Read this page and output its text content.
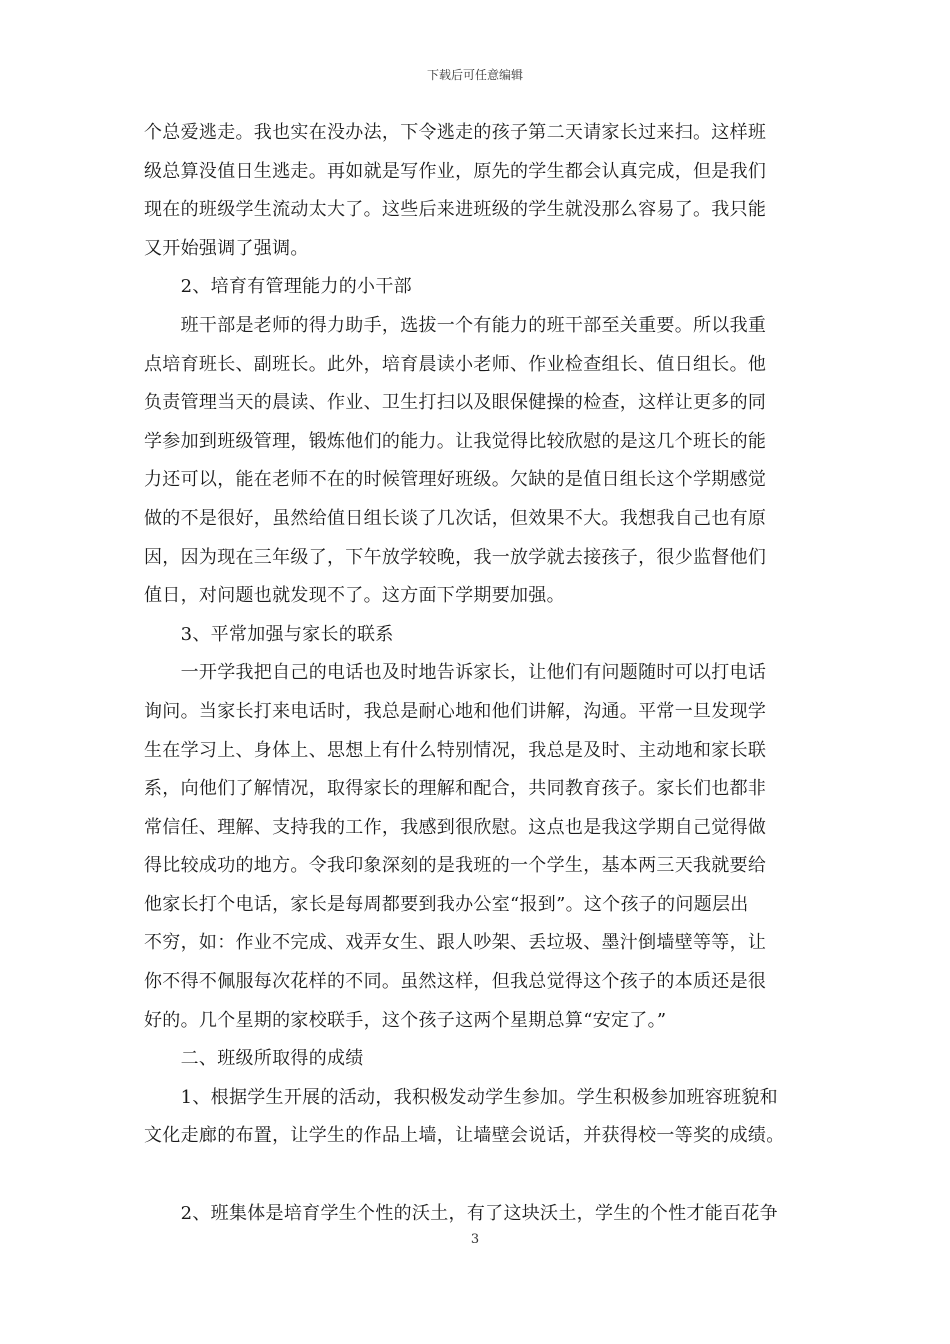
下载后可任意编辑
个总爱逃走。我也实在没办法，下令逃走的孩子第二天请家长过来扫。这样班
级总算没值日生逃走。再如就是写作业，原先的学生都会认真完成，但是我们
现在的班级学生流动太大了。这些后来进班级的学生就没那么容易了。我只能
又开始强调了强调。
　　2、培育有管理能力的小干部
　　班干部是老师的得力助手，选拔一个有能力的班干部至关重要。所以我重
点培育班长、副班长。此外，培育晨读小老师、作业检查组长、值日组长。他
负责管理当天的晨读、作业、卫生打扫以及眼保健操的检查，这样让更多的同
学参加到班级管理，锻炼他们的能力。让我觉得比较欣慰的是这几个班长的能
力还可以，能在老师不在的时候管理好班级。欠缺的是值日组长这个学期感觉
做的不是很好，虽然给值日组长谈了几次话，但效果不大。我想我自己也有原
因，因为现在三年级了，下午放学较晚，我一放学就去接孩子，很少监督他们
值日，对问题也就发现不了。这方面下学期要加强。
　　3、平常加强与家长的联系
　　一开学我把自己的电话也及时地告诉家长，让他们有问题随时可以打电话
询问。当家长打来电话时，我总是耐心地和他们讲解，沟通。平常一旦发现学
生在学习上、身体上、思想上有什么特别情况，我总是及时、主动地和家长联
系，向他们了解情况，取得家长的理解和配合，共同教育孩子。家长们也都非
常信任、理解、支持我的工作，我感到很欣慰。这点也是我这学期自己觉得做
得比较成功的地方。令我印象深刻的是我班的一个学生，基本两三天我就要给
他家长打个电话，家长是每周都要到我办公室“报到”。这个孩子的问题层出
不穷，如：作业不完成、戏弄女生、跟人吵架、丢垃圾、墨汁倒墙壁等等，让
你不得不佩服每次花样的不同。虽然这样，但我总觉得这个孩子的本质还是很
好的。几个星期的家校联手，这个孩子这两个星期总算“安定了。”
　　二、班级所取得的成绩
　　1、根据学生开展的活动，我积极发动学生参加。学生积极参加班容班貌和
文化走廊的布置，让学生的作品上墙，让墙壁会说话，并获得校一等奖的成绩。
　　2、班集体是培育学生个性的沃土，有了这块沃土，学生的个性才能百花争
3
